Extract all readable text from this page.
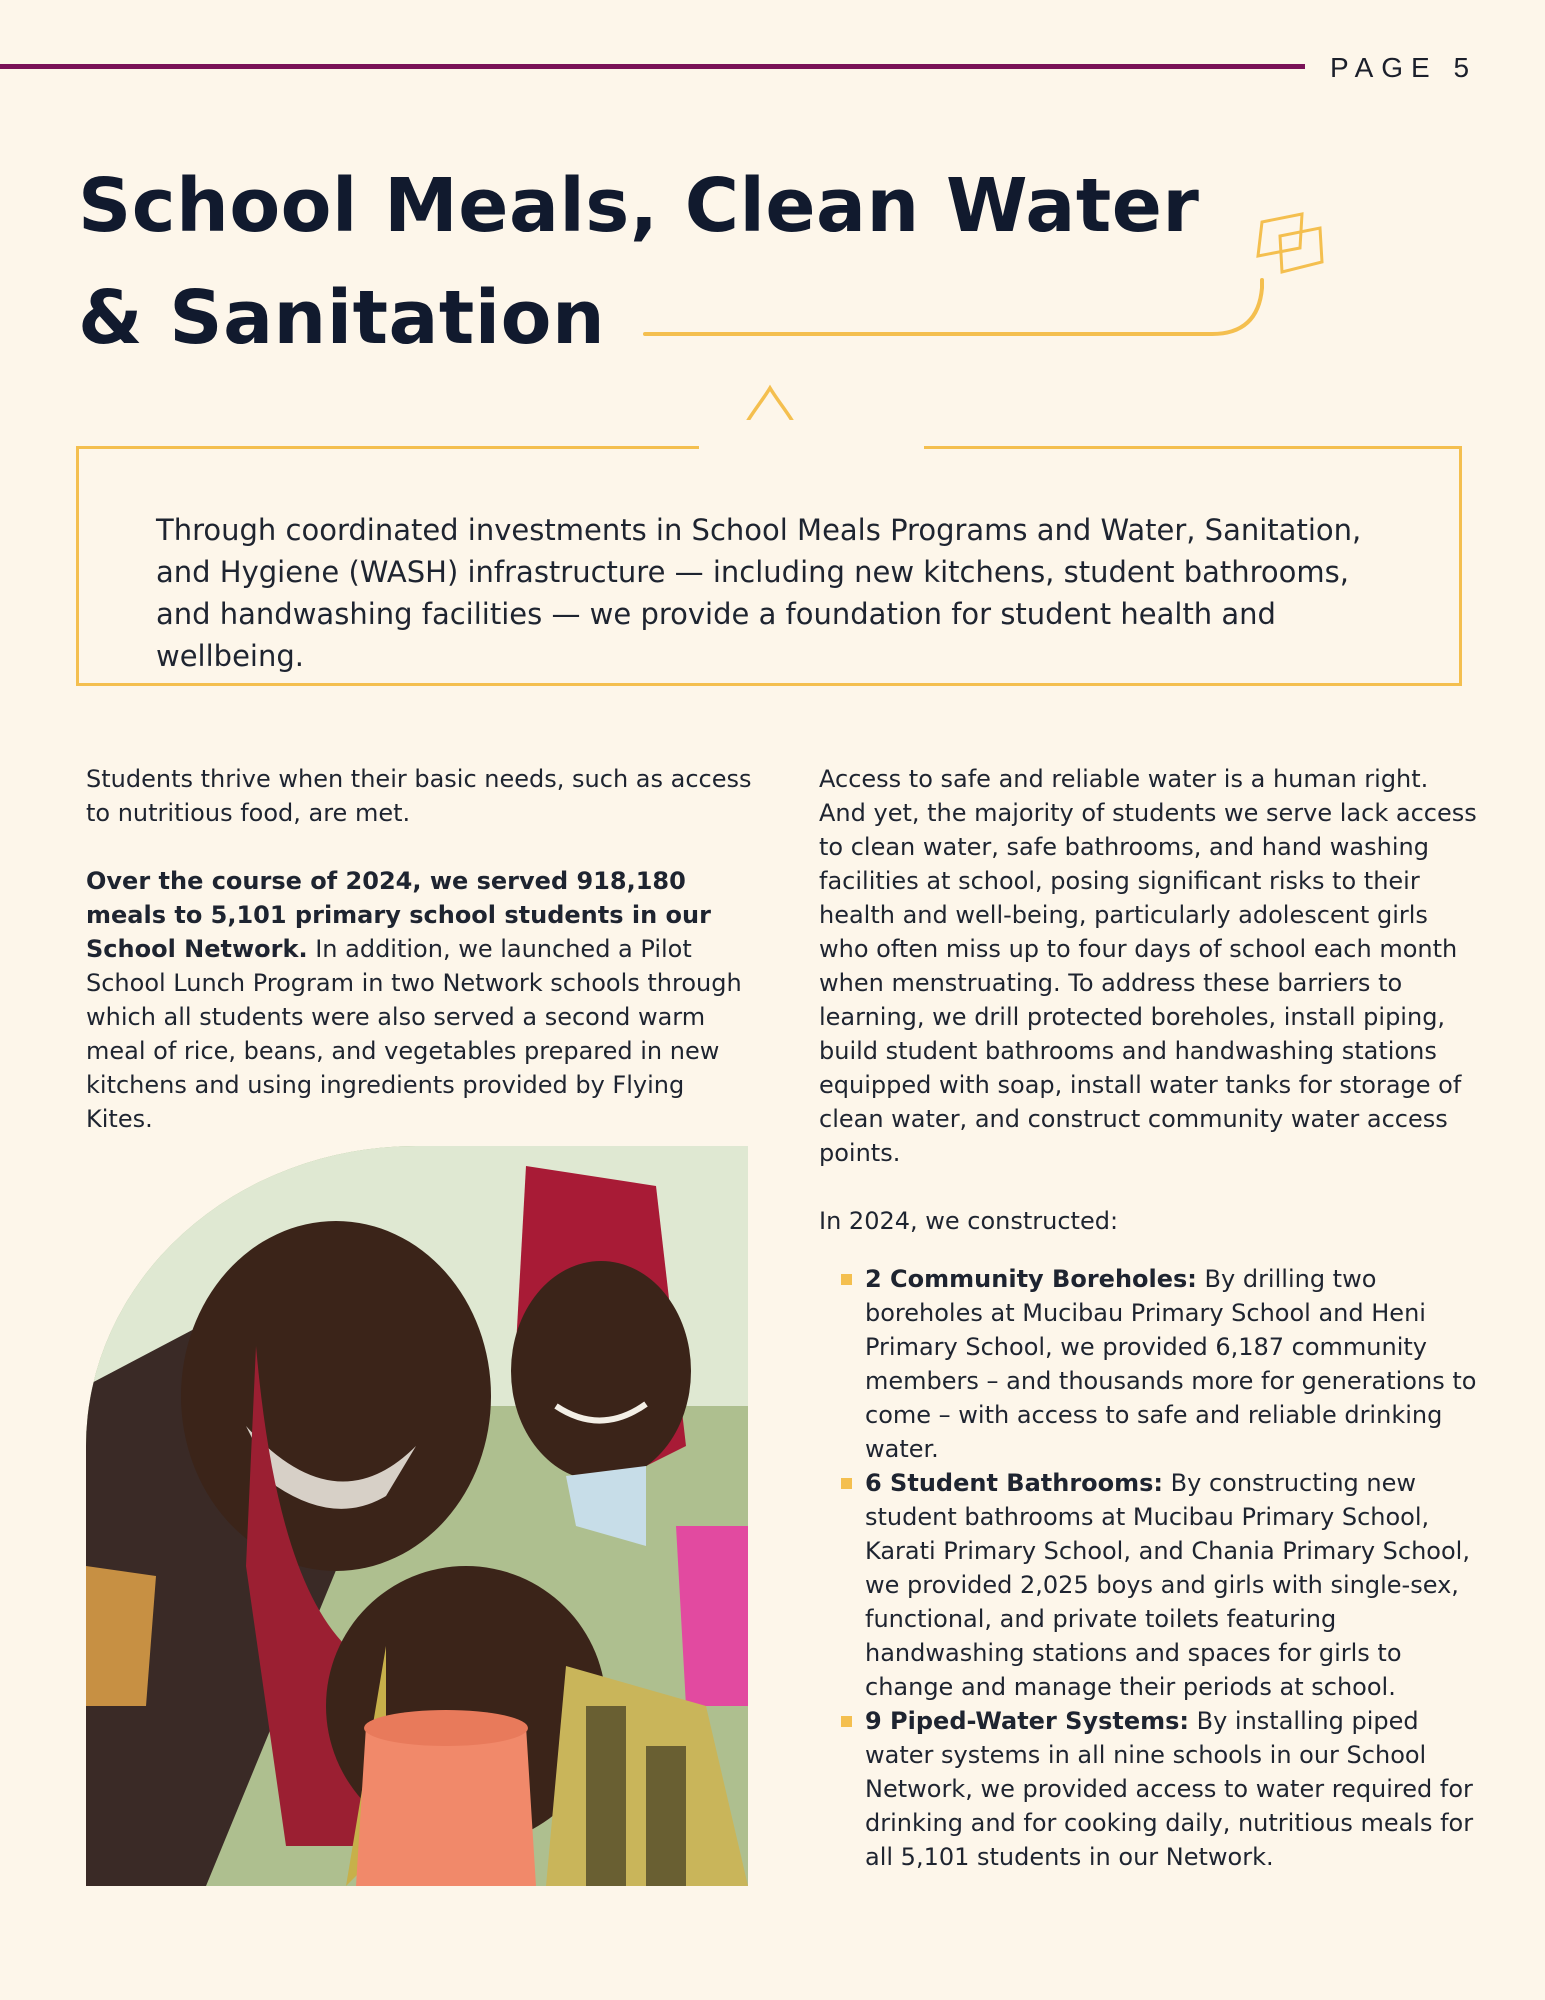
PAGE 5
School Meals, Clean Water
& Sanitation

Through coordinated investments in School Meals Programs and Water, Sanitation, and Hygiene (WASH) infrastructure — including new kitchens, student bathrooms, and handwashing facilities — we provide a foundation for student health and wellbeing.

Students thrive when their basic needs, such as access to nutritious food, are met.

Over the course of 2024, we served 918,180 meals to 5,101 primary school students in our School Network. In addition, we launched a Pilot School Lunch Program in two Network schools through which all students were also served a second warm meal of rice, beans, and vegetables prepared in new kitchens and using ingredients provided by Flying Kites.

Access to safe and reliable water is a human right. And yet, the majority of students we serve lack access to clean water, safe bathrooms, and hand washing facilities at school, posing significant risks to their health and well-being, particularly adolescent girls who often miss up to four days of school each month when menstruating. To address these barriers to learning, we drill protected boreholes, install piping, build student bathrooms and handwashing stations equipped with soap, install water tanks for storage of clean water, and construct community water access points.

In 2024, we constructed:

2 Community Boreholes: By drilling two boreholes at Mucibau Primary School and Heni Primary School, we provided 6,187 community members – and thousands more for generations to come – with access to safe and reliable drinking water.
6 Student Bathrooms: By constructing new student bathrooms at Mucibau Primary School, Karati Primary School, and Chania Primary School, we provided 2,025 boys and girls with single-sex, functional, and private toilets featuring handwashing stations and spaces for girls to change and manage their periods at school.
9 Piped-Water Systems: By installing piped water systems in all nine schools in our School Network, we provided access to water required for drinking and for cooking daily, nutritious meals for all 5,101 students in our Network.
